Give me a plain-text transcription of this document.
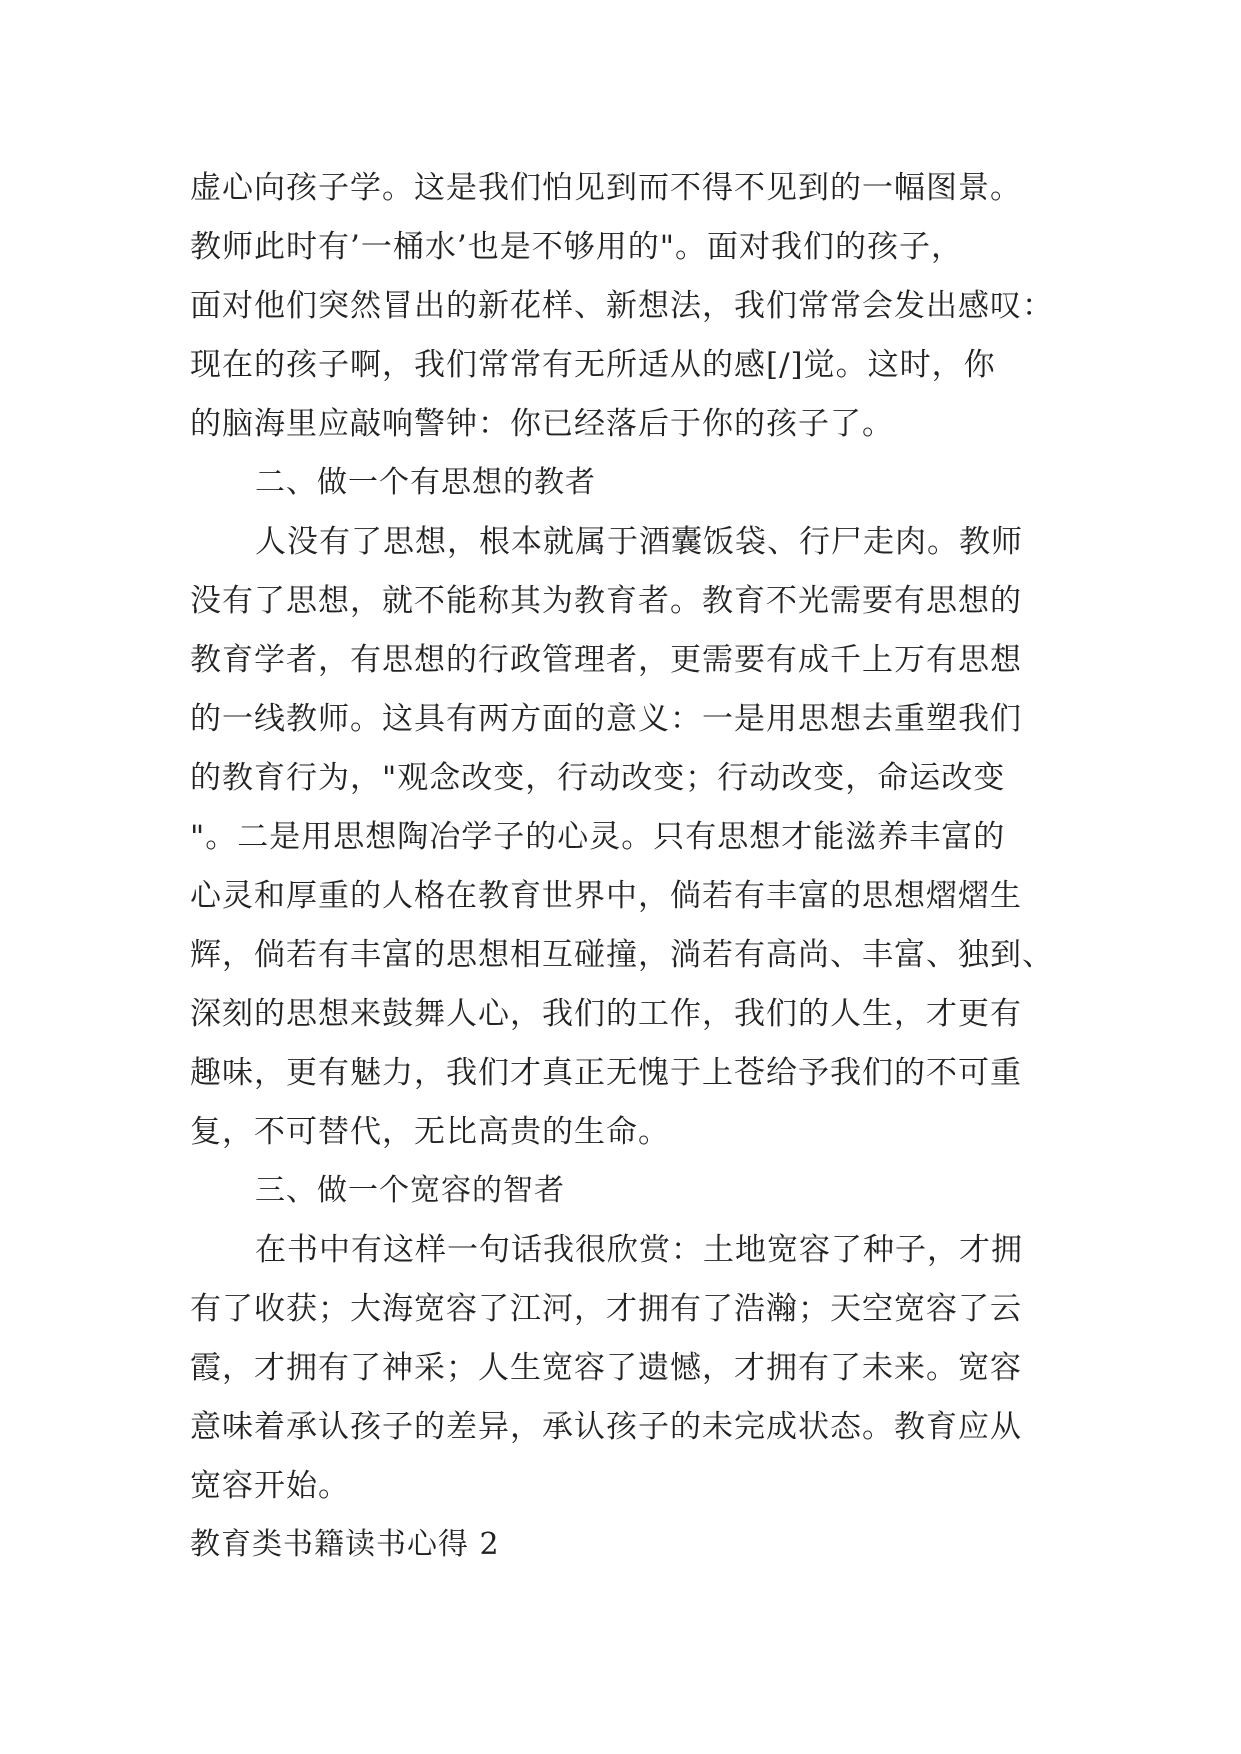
虚心向孩子学。这是我们怕见到而不得不见到的一幅图景。
教师此时有’一桶水’也是不够用的"。面对我们的孩子，
面对他们突然冒出的新花样、新想法，我们常常会发出感叹：
现在的孩子啊，我们常常有无所适从的感[/]觉。这时，你
的脑海里应敲响警钟：你已经落后于你的孩子了。
二、做一个有思想的教者
人没有了思想，根本就属于酒囊饭袋、行尸走肉。教师
没有了思想，就不能称其为教育者。教育不光需要有思想的
教育学者，有思想的行政管理者，更需要有成千上万有思想
的一线教师。这具有两方面的意义：一是用思想去重塑我们
的教育行为，"观念改变，行动改变；行动改变，命运改变
"。二是用思想陶冶学子的心灵。只有思想才能滋养丰富的
心灵和厚重的人格在教育世界中，倘若有丰富的思想熠熠生
辉，倘若有丰富的思想相互碰撞，淌若有高尚、丰富、独到、
深刻的思想来鼓舞人心，我们的工作，我们的人生，才更有
趣味，更有魅力，我们才真正无愧于上苍给予我们的不可重
复，不可替代，无比高贵的生命。
三、做一个宽容的智者
在书中有这样一句话我很欣赏：土地宽容了种子，才拥
有了收获；大海宽容了江河，才拥有了浩瀚；天空宽容了云
霞，才拥有了神采；人生宽容了遗憾，才拥有了未来。宽容
意味着承认孩子的差异，承认孩子的未完成状态。教育应从
宽容开始。
教育类书籍读书心得 2
